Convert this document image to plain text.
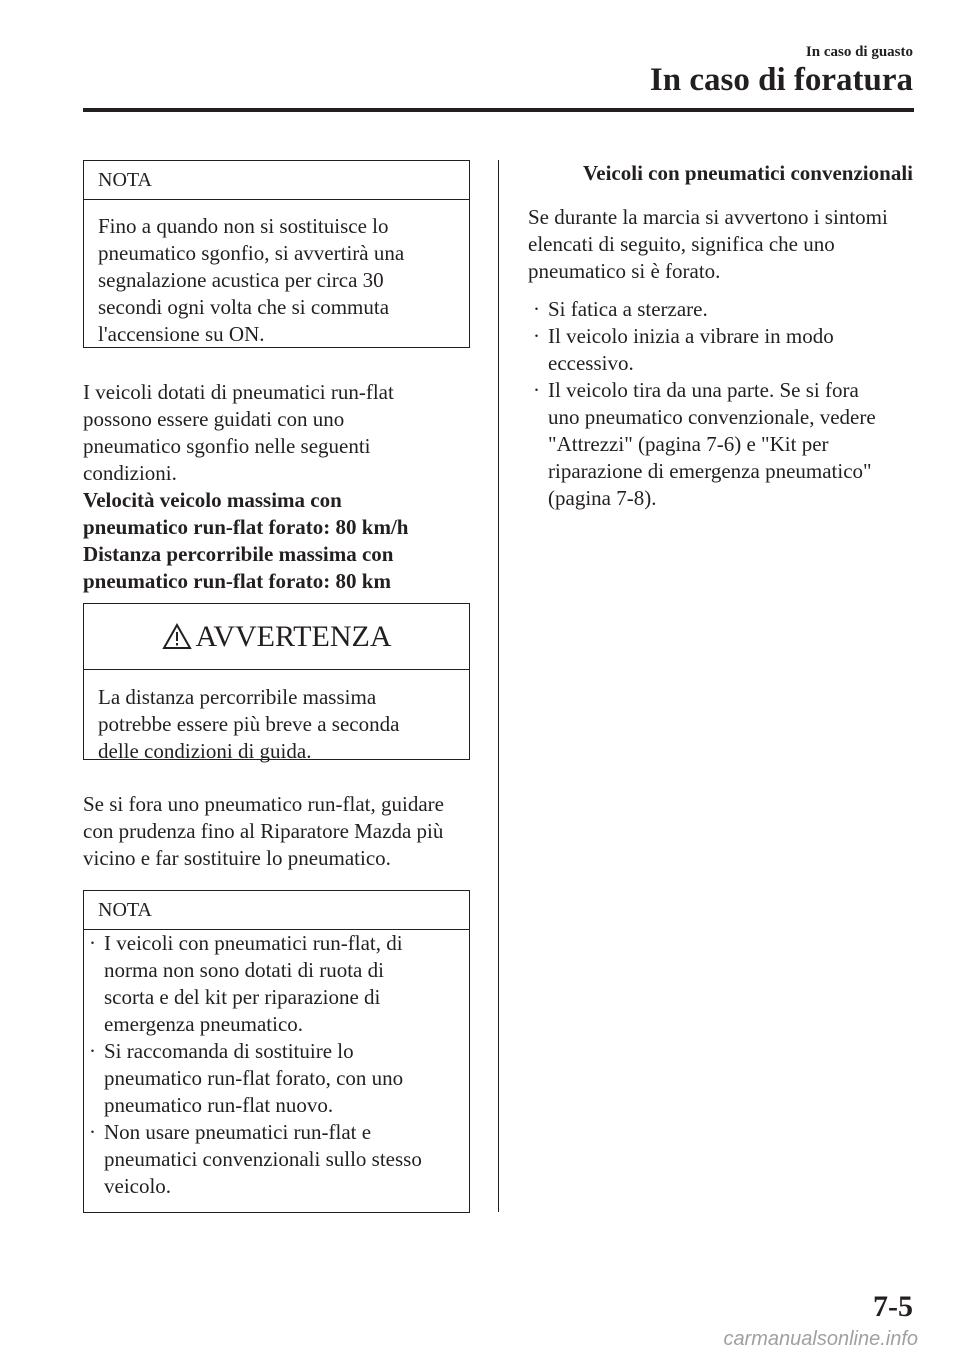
In caso di guasto
In caso di foratura
NOTA
Fino a quando non si sostituisce lo
pneumatico sgonfio, si avvertirà una
segnalazione acustica per circa 30
secondi ogni volta che si commuta
l'accensione su ON.
I veicoli dotati di pneumatici run-flat
possono essere guidati con uno
pneumatico sgonfio nelle seguenti
condizioni.
Velocità veicolo massima con
pneumatico run-flat forato: 80 km/h
Distanza percorribile massima con
pneumatico run-flat forato: 80 km
AVVERTENZA
La distanza percorribile massima
potrebbe essere più breve a seconda
delle condizioni di guida.
Se si fora uno pneumatico run-flat, guidare
con prudenza fino al Riparatore Mazda più
vicino e far sostituire lo pneumatico.
NOTA
· I veicoli con pneumatici run-flat, di
norma non sono dotati di ruota di
scorta e del kit per riparazione di
emergenza pneumatico.
· Si raccomanda di sostituire lo
pneumatico run-flat forato, con uno
pneumatico run-flat nuovo.
· Non usare pneumatici run-flat e
pneumatici convenzionali sullo stesso
veicolo.
Veicoli con pneumatici convenzionali
Se durante la marcia si avvertono i sintomi
elencati di seguito, significa che uno
pneumatico si è forato.
· Si fatica a sterzare.
· Il veicolo inizia a vibrare in modo
eccessivo.
· Il veicolo tira da una parte. Se si fora
uno pneumatico convenzionale, vedere
"Attrezzi" (pagina 7-6) e "Kit per
riparazione di emergenza pneumatico"
(pagina 7-8).
7-5
carmanualsonline.info
